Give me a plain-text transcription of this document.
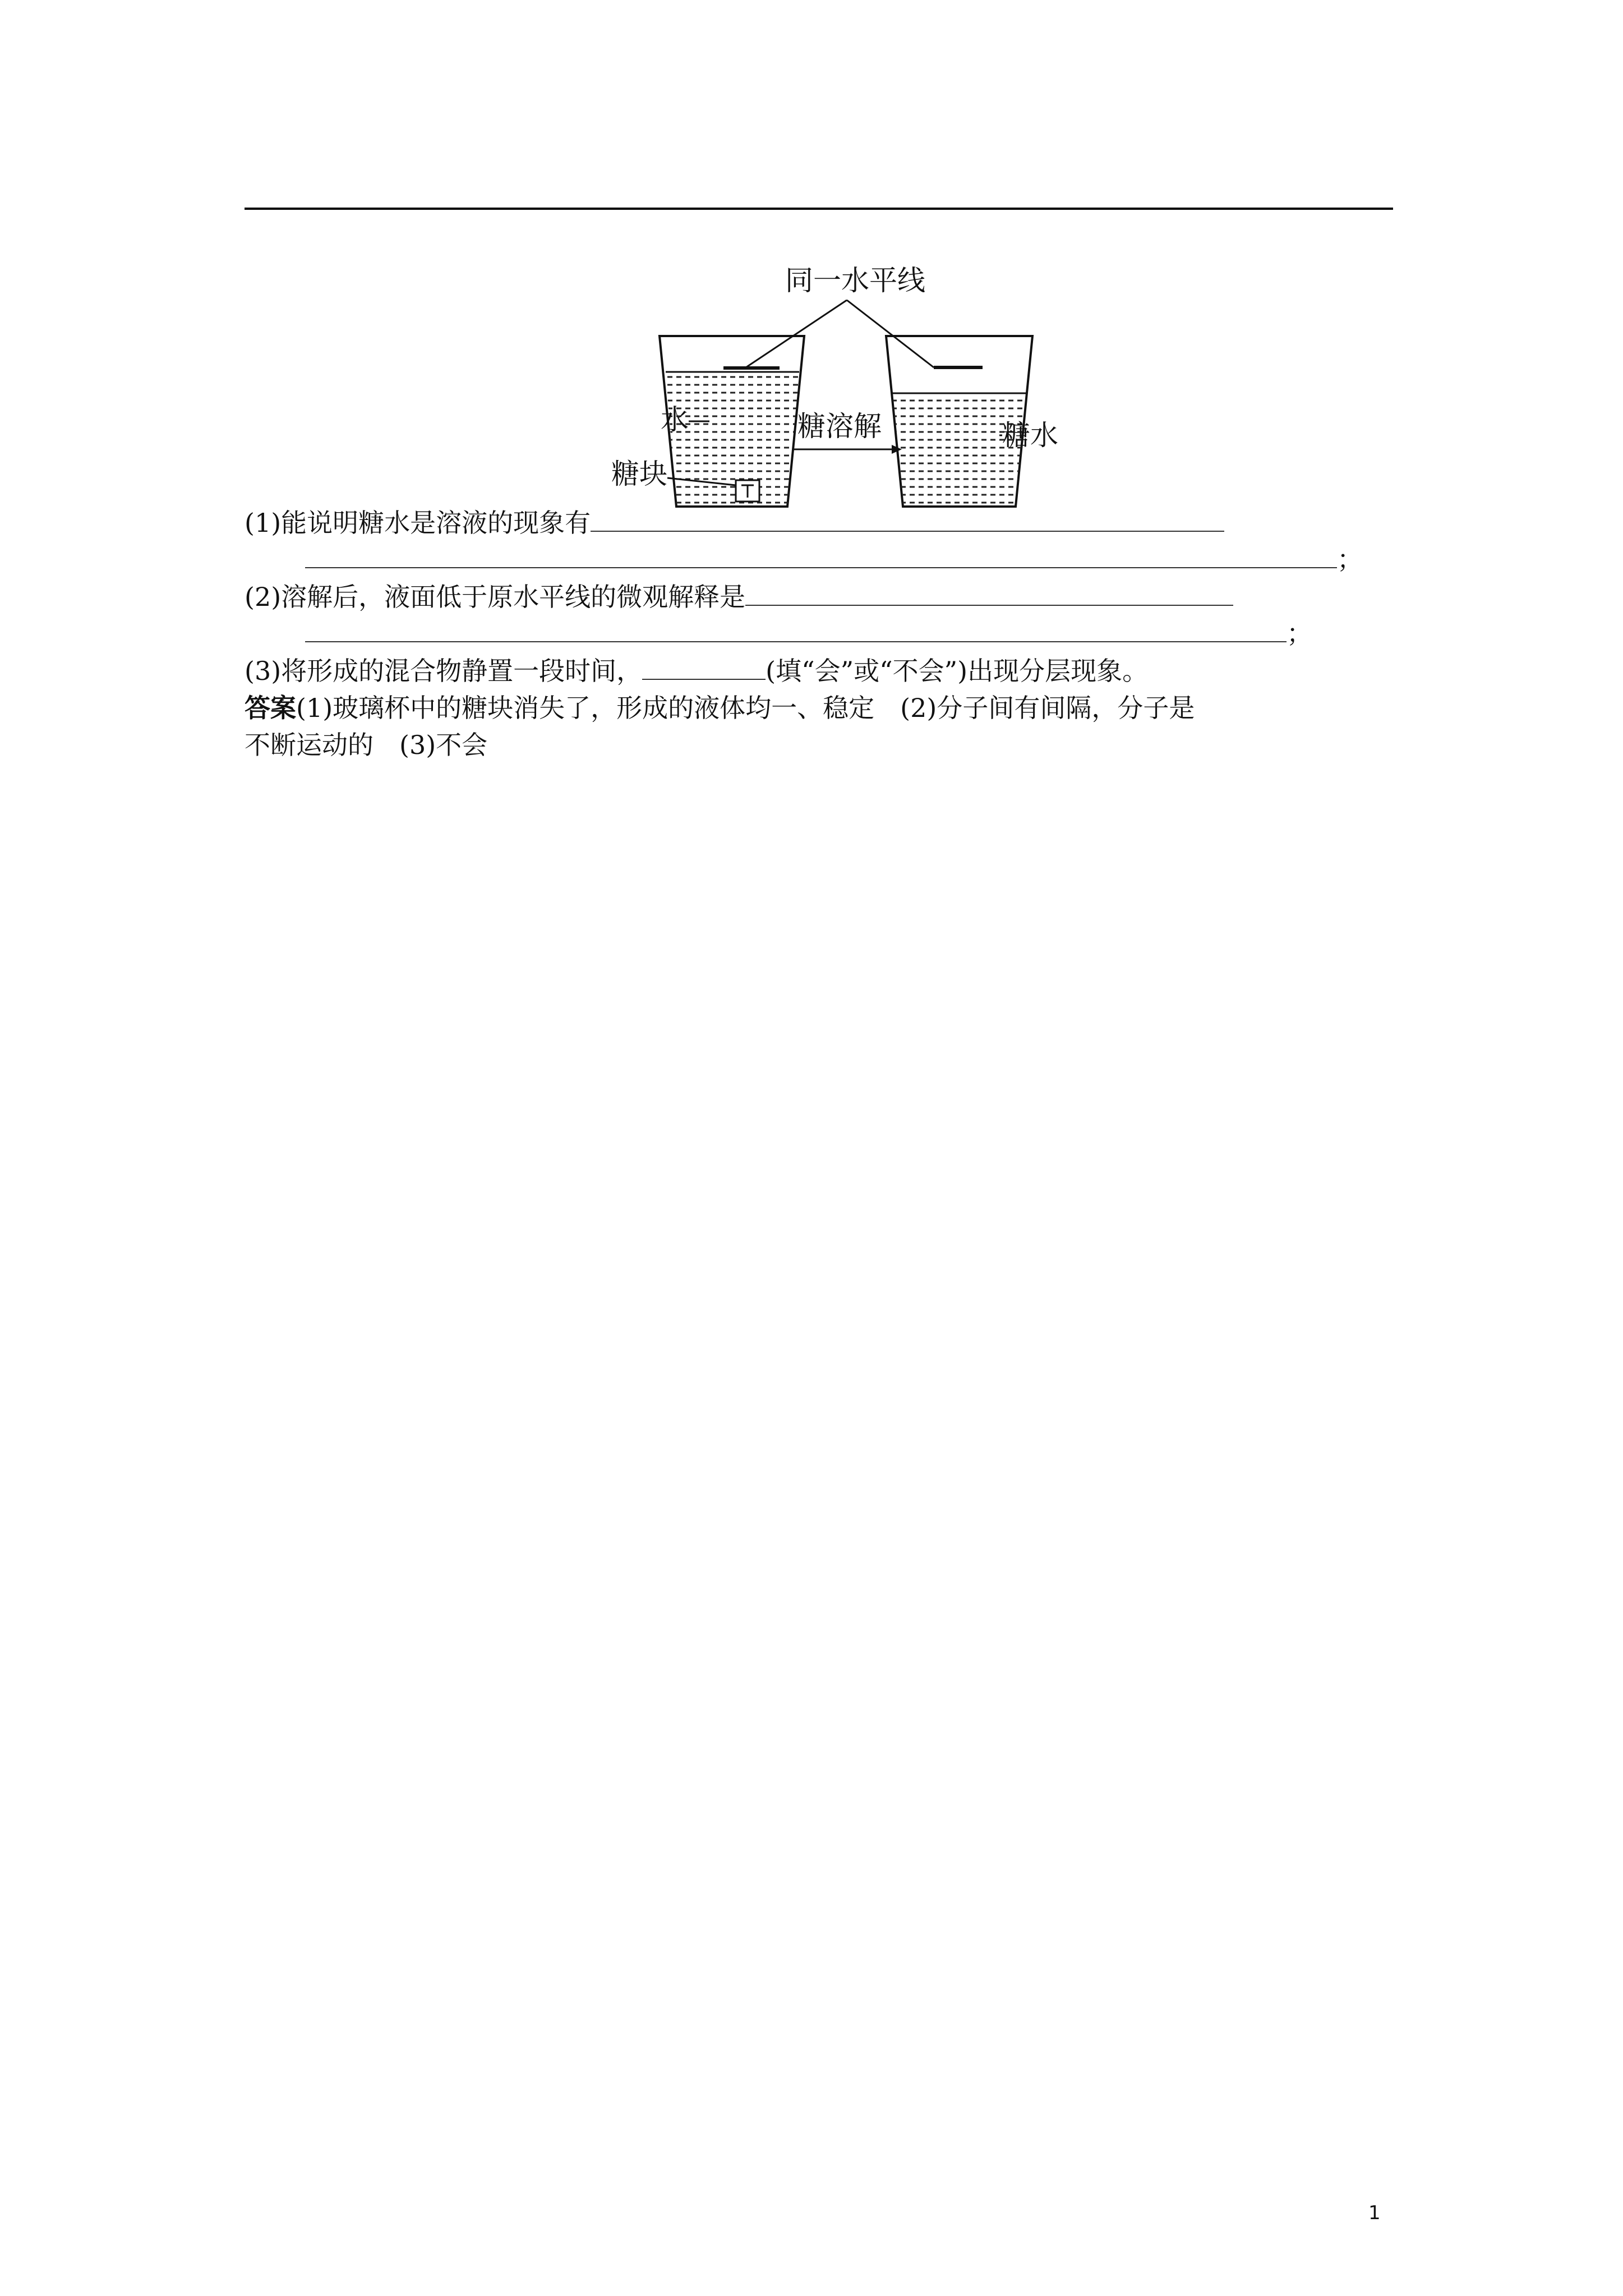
同一水平线
水
糖块
糖溶解	糖水
(1)能说明糖水是溶液的现象有
；
(2)溶解后，液面低于原水平线的微观解释是
；
(3)将形成的混合物静置一段时间，	(填“会”或“不会”)出现分层现象。
答案(1)玻璃杯中的糖块消失了，形成的液体均一、稳定　(2)分子间有间隔，分子是
不断运动的　(3)不会
1
